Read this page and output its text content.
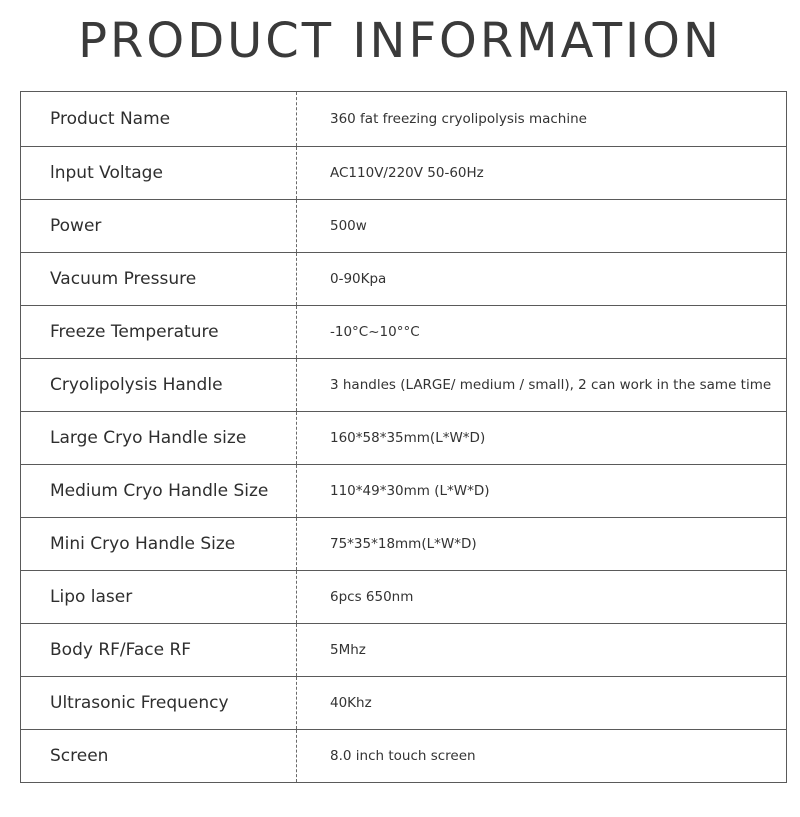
PRODUCT INFORMATION
Product Name	360 fat freezing cryolipolysis machine
lnput Voltage	AC110V/220V 50-60Hz
Power	500w
Vacuum Pressure	0-90Kpa
Freeze Temperature	-10°C~10°°C
Cryolipolysis Handle	3 handles (LARGE/ medium / small), 2 can work in the same time
Large Cryo Handle size	160*58*35mm(L*W*D)
Medium Cryo Handle Size	110*49*30mm (L*W*D)
Mini Cryo Handle Size	75*35*18mm(L*W*D)
Lipo laser	6pcs 650nm
Body RF/Face RF	5Mhz
Ultrasonic Frequency	40Khz
Screen	8.0 inch touch screen
